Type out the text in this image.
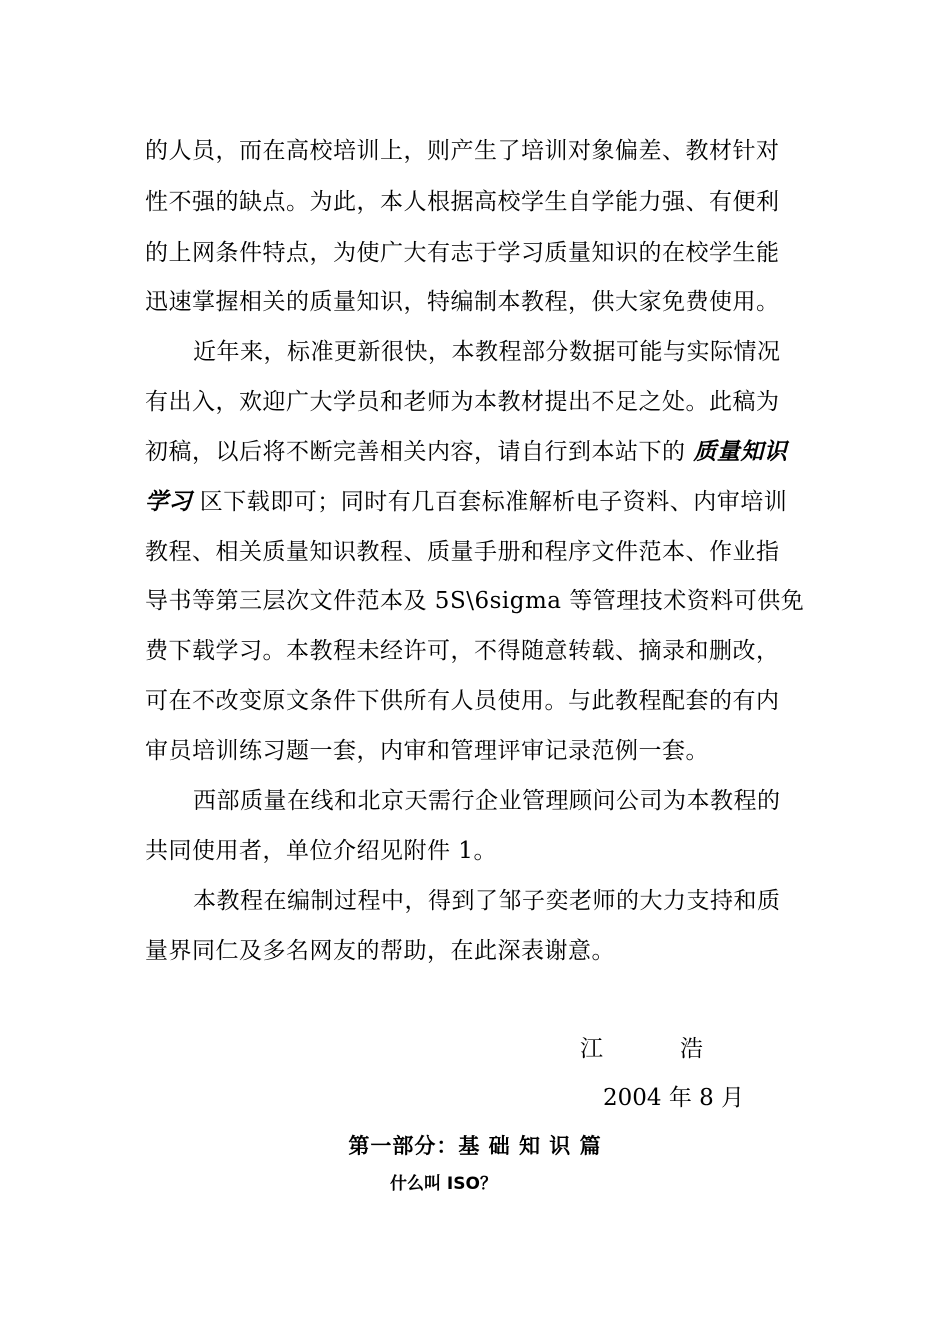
的人员，而在高校培训上，则产生了培训对象偏差、教材针对
性不强的缺点。为此，本人根据高校学生自学能力强、有便利
的上网条件特点，为使广大有志于学习质量知识的在校学生能
迅速掌握相关的质量知识，特编制本教程，供大家免费使用。
近年来，标准更新很快，本教程部分数据可能与实际情况
有出入，欢迎广大学员和老师为本教材提出不足之处。此稿为
初稿，以后将不断完善相关内容，请自行到本站下的 质量知识
学习 区下载即可；同时有几百套标准解析电子资料、内审培训
教程、相关质量知识教程、质量手册和程序文件范本、作业指
导书等第三层次文件范本及 5S\6sigma 等管理技术资料可供免
费下载学习。本教程未经许可，不得随意转载、摘录和删改，
可在不改变原文条件下供所有人员使用。与此教程配套的有内
审员培训练习题一套，内审和管理评审记录范例一套。
西部质量在线和北京天需行企业管理顾问公司为本教程的
共同使用者，单位介绍见附件 1。
本教程在编制过程中，得到了邹子奕老师的大力支持和质
量界同仁及多名网友的帮助，在此深表谢意。
江	浩
2004 年 8 月
第一部分：基 础 知 识 篇
什么叫 ISO？
